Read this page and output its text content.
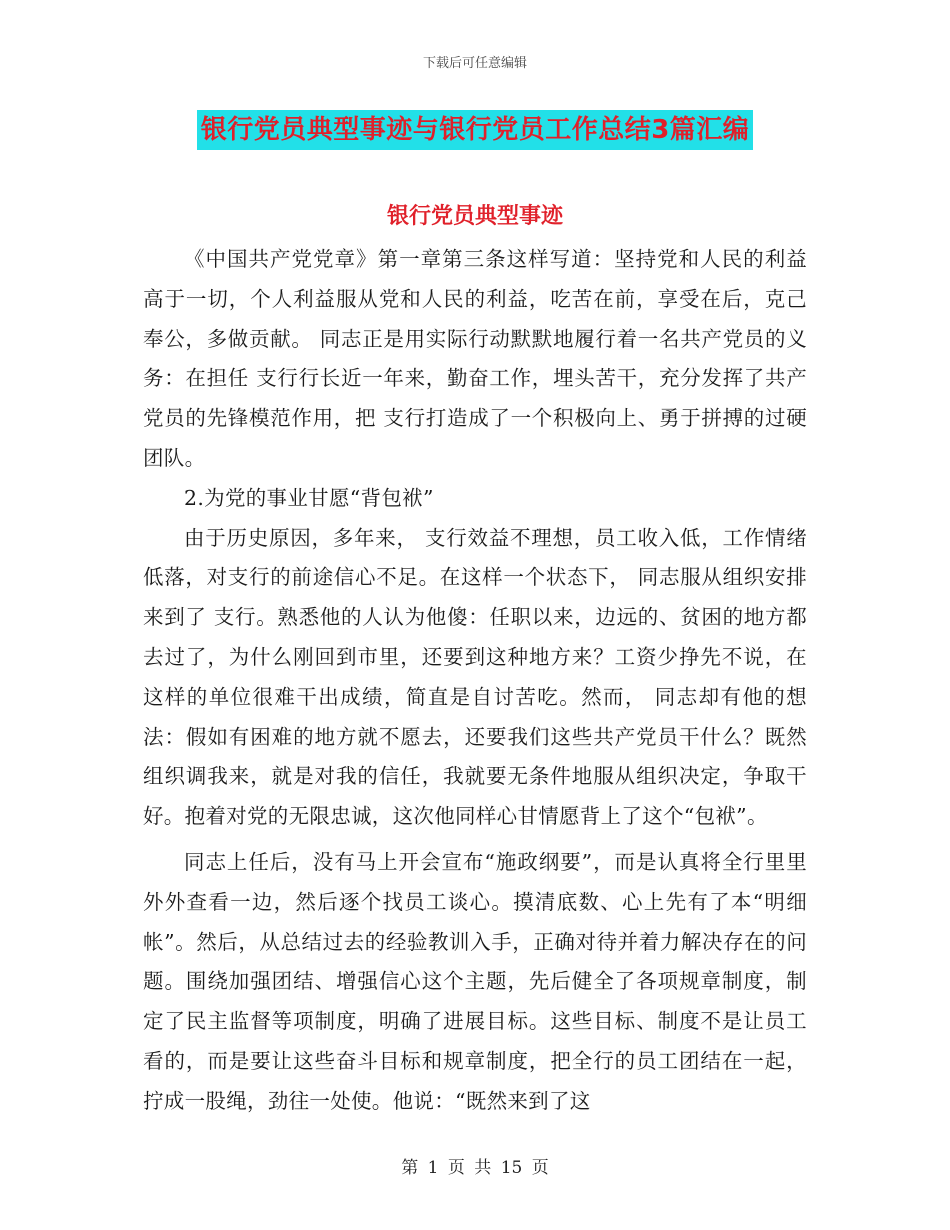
下载后可任意编辑
银行党员典型事迹与银行党员工作总结3篇汇编
银行党员典型事迹

《中国共产党党章》第一章第三条这样写道：坚持党和人民的利益高于一切，个人利益服从党和人民的利益，吃苦在前，享受在后，克己奉公，多做贡献。 同志正是用实际行动默默地履行着一名共产党员的义务：在担任 支行行长近一年来，勤奋工作，埋头苦干，充分发挥了共产党员的先锋模范作用，把 支行打造成了一个积极向上、勇于拼搏的过硬团队。

2.为党的事业甘愿“背包袱”

由于历史原因，多年来， 支行效益不理想，员工收入低，工作情绪低落，对支行的前途信心不足。在这样一个状态下， 同志服从组织安排来到了 支行。熟悉他的人认为他傻：任职以来，边远的、贫困的地方都去过了，为什么刚回到市里，还要到这种地方来？工资少挣先不说，在这样的单位很难干出成绩，简直是自讨苦吃。然而， 同志却有他的想法：假如有困难的地方就不愿去，还要我们这些共产党员干什么？既然组织调我来，就是对我的信任，我就要无条件地服从组织决定，争取干好。抱着对党的无限忠诚，这次他同样心甘情愿背上了这个“包袱”。

同志上任后，没有马上开会宣布“施政纲要”，而是认真将全行里里外外查看一边，然后逐个找员工谈心。摸清底数、心上先有了本“明细帐”。然后，从总结过去的经验教训入手，正确对待并着力解决存在的问题。围绕加强团结、增强信心这个主题，先后健全了各项规章制度，制定了民主监督等项制度，明确了进展目标。这些目标、制度不是让员工看的，而是要让这些奋斗目标和规章制度，把全行的员工团结在一起，拧成一股绳，劲往一处使。他说：“既然来到了这

第 1 页 共 15 页
